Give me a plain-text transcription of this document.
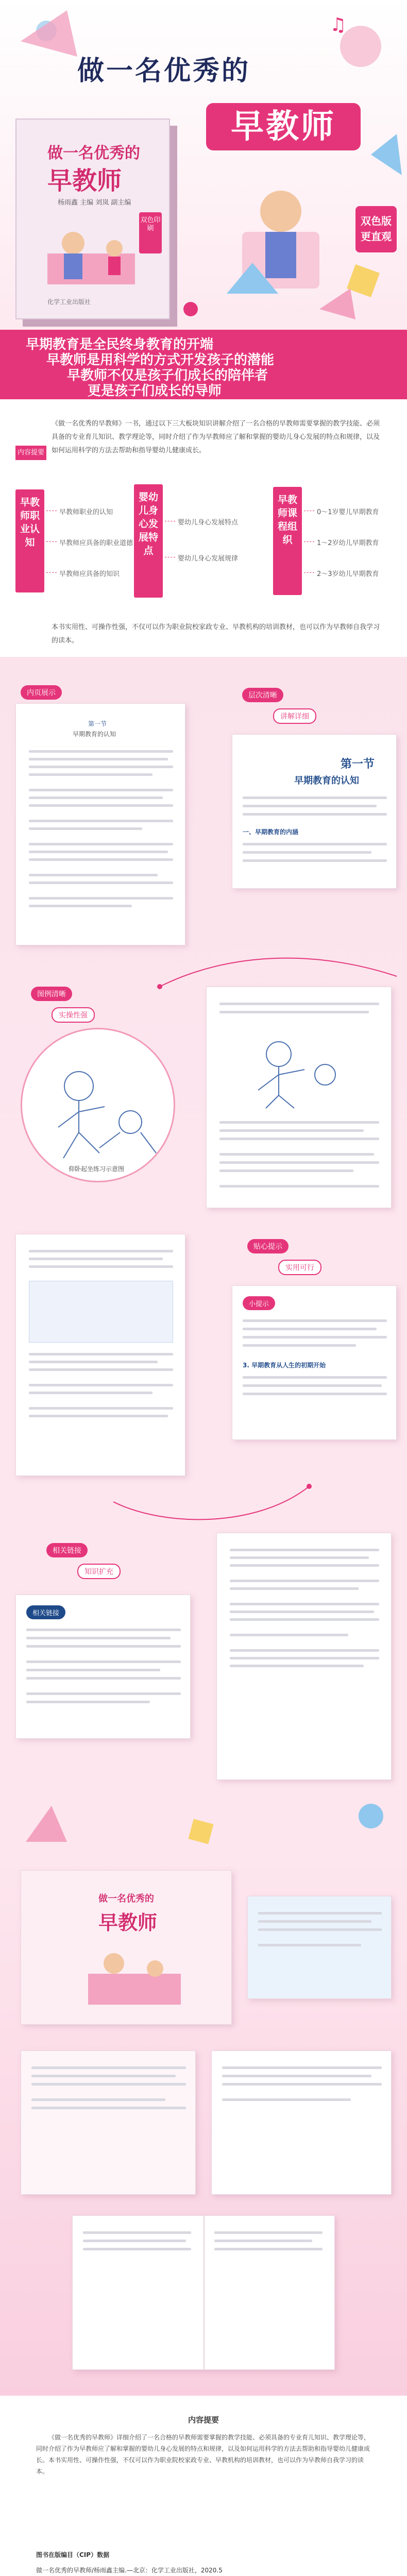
♫
做一名优秀的
早教师
做一名优秀的
早教师
杨雨鑫 主编 刘岚 副主编
双色印刷
化学工业出版社
双色版
更直观
早期教育是全民终身教育的开端
早教师是用科学的方式开发孩子的潜能
早教师不仅是孩子们成长的陪伴者
更是孩子们成长的导师
内容提要
《做一名优秀的早教师》一书，通过以下三大板块知识讲解介绍了一名合格的早教师需要掌握的教学技能、必须具备的专业育儿知识、教学理论等，同时介绍了作为早教师应了解和掌握的婴幼儿身心发展的特点和规律，以及如何运用科学的方法去帮助和指导婴幼儿健康成长。
早教师职业认知
婴幼儿身心发展特点
早教师课程组织
早教师职业的认知
早教师应具备的职业道德
早教师应具备的知识
婴幼儿身心发展特点
婴幼儿身心发展规律
0～1岁婴儿早期教育
1～2岁幼儿早期教育
2～3岁幼儿早期教育
本书实用性、可操作性强，不仅可以作为职业院校家政专业、早教机构的培训教材，也可以作为早教师自我学习的读本。
内页展示
第一节
早期教育的认知
层次清晰
讲解详细
第一节
早期教育的认知
一、早期教育的内涵
图例清晰
实操性强
仰卧起坐练习示意图
贴心提示
实用可行
小提示
3. 早期教育从人生的初期开始
相关链接
知识扩充
相关链接
做一名优秀的
早教师
内容提要
《做一名优秀的早教师》详细介绍了一名合格的早教师需要掌握的教学技能、必须具备的专业育儿知识、教学理论等，同时介绍了作为早教师应了解和掌握的婴幼儿身心发展的特点和规律，以及如何运用科学的方法去帮助和指导婴幼儿健康成长。本书实用性、可操作性强，不仅可以作为职业院校家政专业、早教机构的培训教材，也可以作为早教师自我学习的读本。
图书在版编目（CIP）数据
做一名优秀的早教师/杨雨鑫主编.—北京：化学工业出版社，2020.5
